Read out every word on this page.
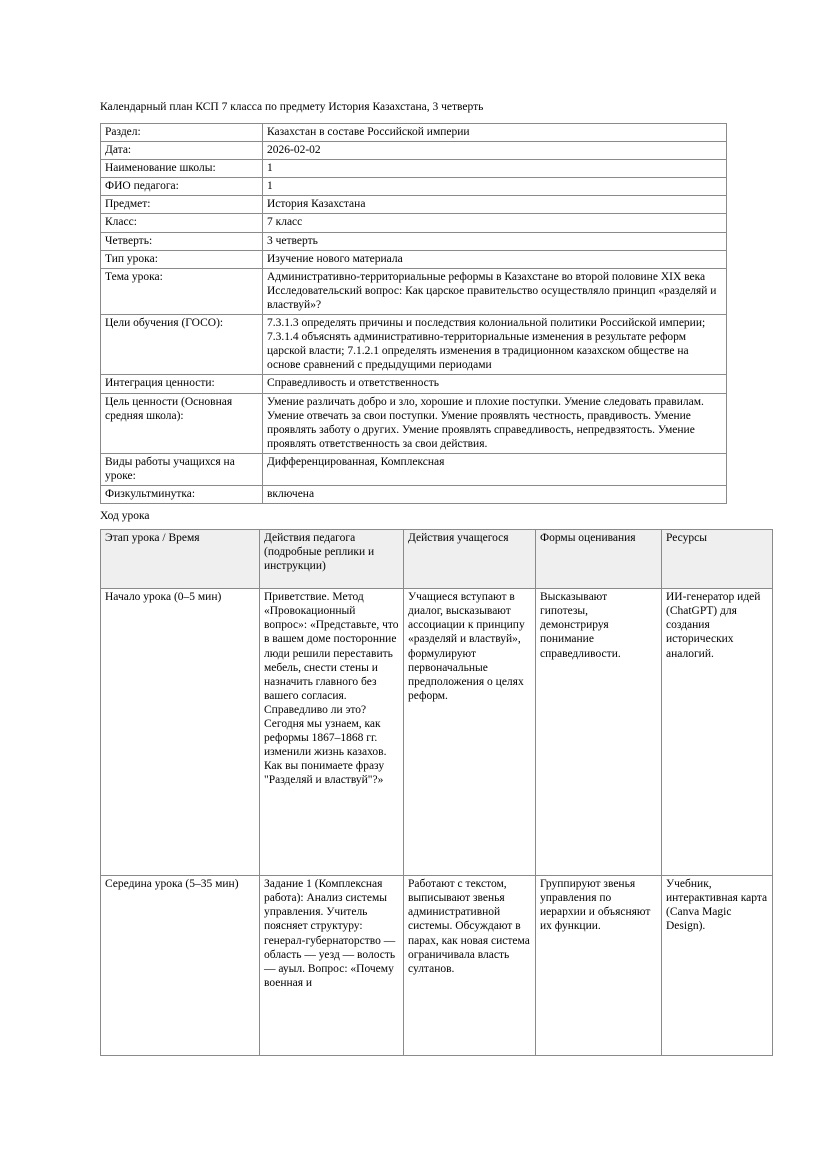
Календарный план КСП 7 класса по предмету История Казахстана, 3 четверть
Раздел:	Казахстан в составе Российской империи
Дата:	2026-02-02
Наименование школы:	1
ФИО педагога:	1
Предмет:	История Казахстана
Класс:	7 класс
Четверть:	3 четверть
Тип урока:	Изучение нового материала
Тема урока:	Административно-территориальные реформы в Казахстане во второй половине XIX века Исследовательский вопрос: Как царское правительство осуществляло принцип «разделяй и властвуй»?
Цели обучения (ГОСО):	7.3.1.3 определять причины и последствия колониальной политики Российской империи; 7.3.1.4 объяснять административно-территориальные изменения в результате реформ царской власти; 7.1.2.1 определять изменения в традиционном казахском обществе на основе сравнений с предыдущими периодами
Интеграция ценности:	Справедливость и ответственность
Цель ценности (Основная средняя школа):	Умение различать добро и зло, хорошие и плохие поступки. Умение следовать правилам. Умение отвечать за свои поступки. Умение проявлять честность, правдивость. Умение проявлять заботу о других. Умение проявлять справедливость, непредвзятость. Умение проявлять ответственность за свои действия.
Виды работы учащихся на уроке:	Дифференцированная, Комплексная
Физкультминутка:	включена
Ход урока
Этап урока / Время	Действия педагога (подробные реплики и инструкции)	Действия учащегося	Формы оценивания	Ресурсы
Начало урока (0–5 мин)	Приветствие. Метод «Провокационный вопрос»: «Представьте, что в вашем доме посторонние люди решили переставить мебель, снести стены и назначить главного без вашего согласия. Справедливо ли это? Сегодня мы узнаем, как реформы 1867–1868 гг. изменили жизнь казахов. Как вы понимаете фразу "Разделяй и властвуй"?»	Учащиеся вступают в диалог, высказывают ассоциации к принципу «разделяй и властвуй», формулируют первоначальные предположения о целях реформ.	Высказывают гипотезы, демонстрируя понимание справедливости.	ИИ-генератор идей (ChatGPT) для создания исторических аналогий.
Середина урока (5–35 мин)	Задание 1 (Комплексная работа): Анализ системы управления. Учитель поясняет структуру: генерал-губернаторство — область — уезд — волость — ауыл. Вопрос: «Почему военная и	Работают с текстом, выписывают звенья административной системы. Обсуждают в парах, как новая система ограничивала власть султанов.	Группируют звенья управления по иерархии и объясняют их функции.	Учебник, интерактивная карта (Canva Magic Design).
